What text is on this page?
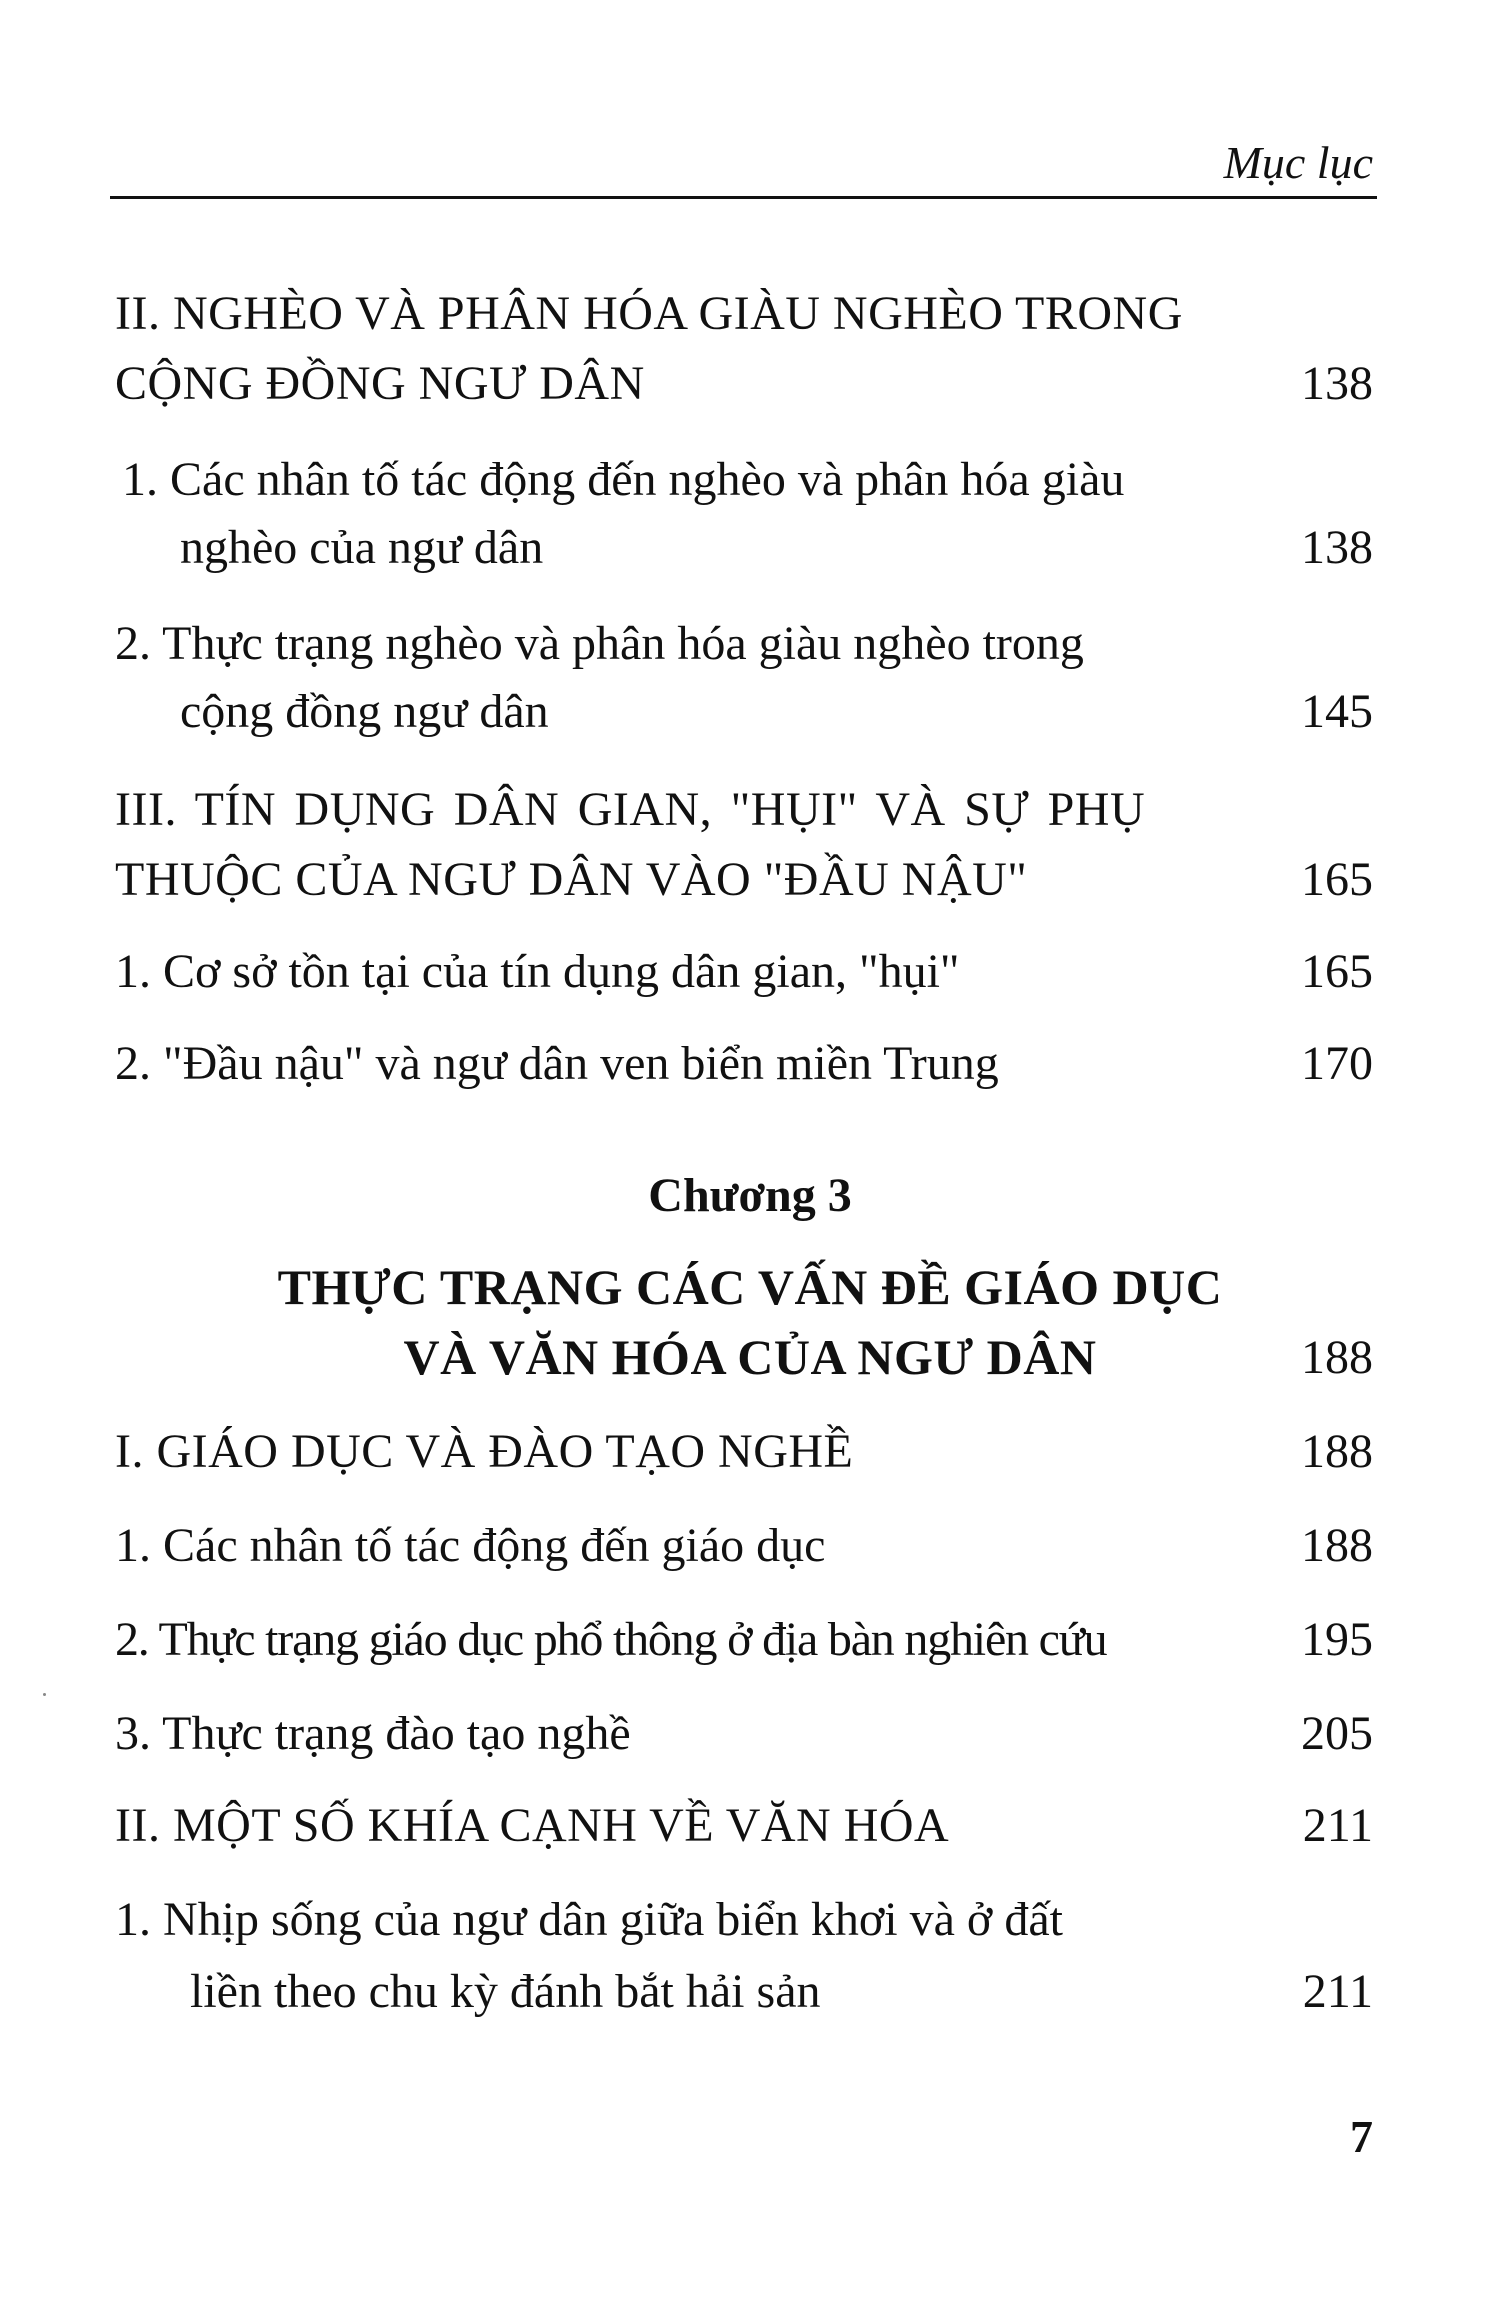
Mục lục
II. NGHÈO VÀ PHÂN HÓA GIÀU NGHÈO TRONG
CỘNG ĐỒNG NGƯ DÂN	138
1. Các nhân tố tác động đến nghèo và phân hóa giàu
nghèo của ngư dân	138
2. Thực trạng nghèo và phân hóa giàu nghèo trong
cộng đồng ngư dân	145
III. TÍN DỤNG DÂN GIAN, "HỤI" VÀ SỰ PHỤ
THUỘC CỦA NGƯ DÂN VÀO "ĐẦU NẬU"	165
1. Cơ sở tồn tại của tín dụng dân gian, "hụi"	165
2. "Đầu nậu" và ngư dân ven biển miền Trung	170
Chương 3
THỰC TRẠNG CÁC VẤN ĐỀ GIÁO DỤC
VÀ VĂN HÓA CỦA NGƯ DÂN	188
I. GIÁO DỤC VÀ ĐÀO TẠO NGHỀ	188
1. Các nhân tố tác động đến giáo dục	188
2. Thực trạng giáo dục phổ thông ở địa bàn nghiên cứu	195
3. Thực trạng đào tạo nghề	205
II. MỘT SỐ KHÍA CẠNH VỀ VĂN HÓA	211
1. Nhịp sống của ngư dân giữa biển khơi và ở đất
liền theo chu kỳ đánh bắt hải sản	211
7
